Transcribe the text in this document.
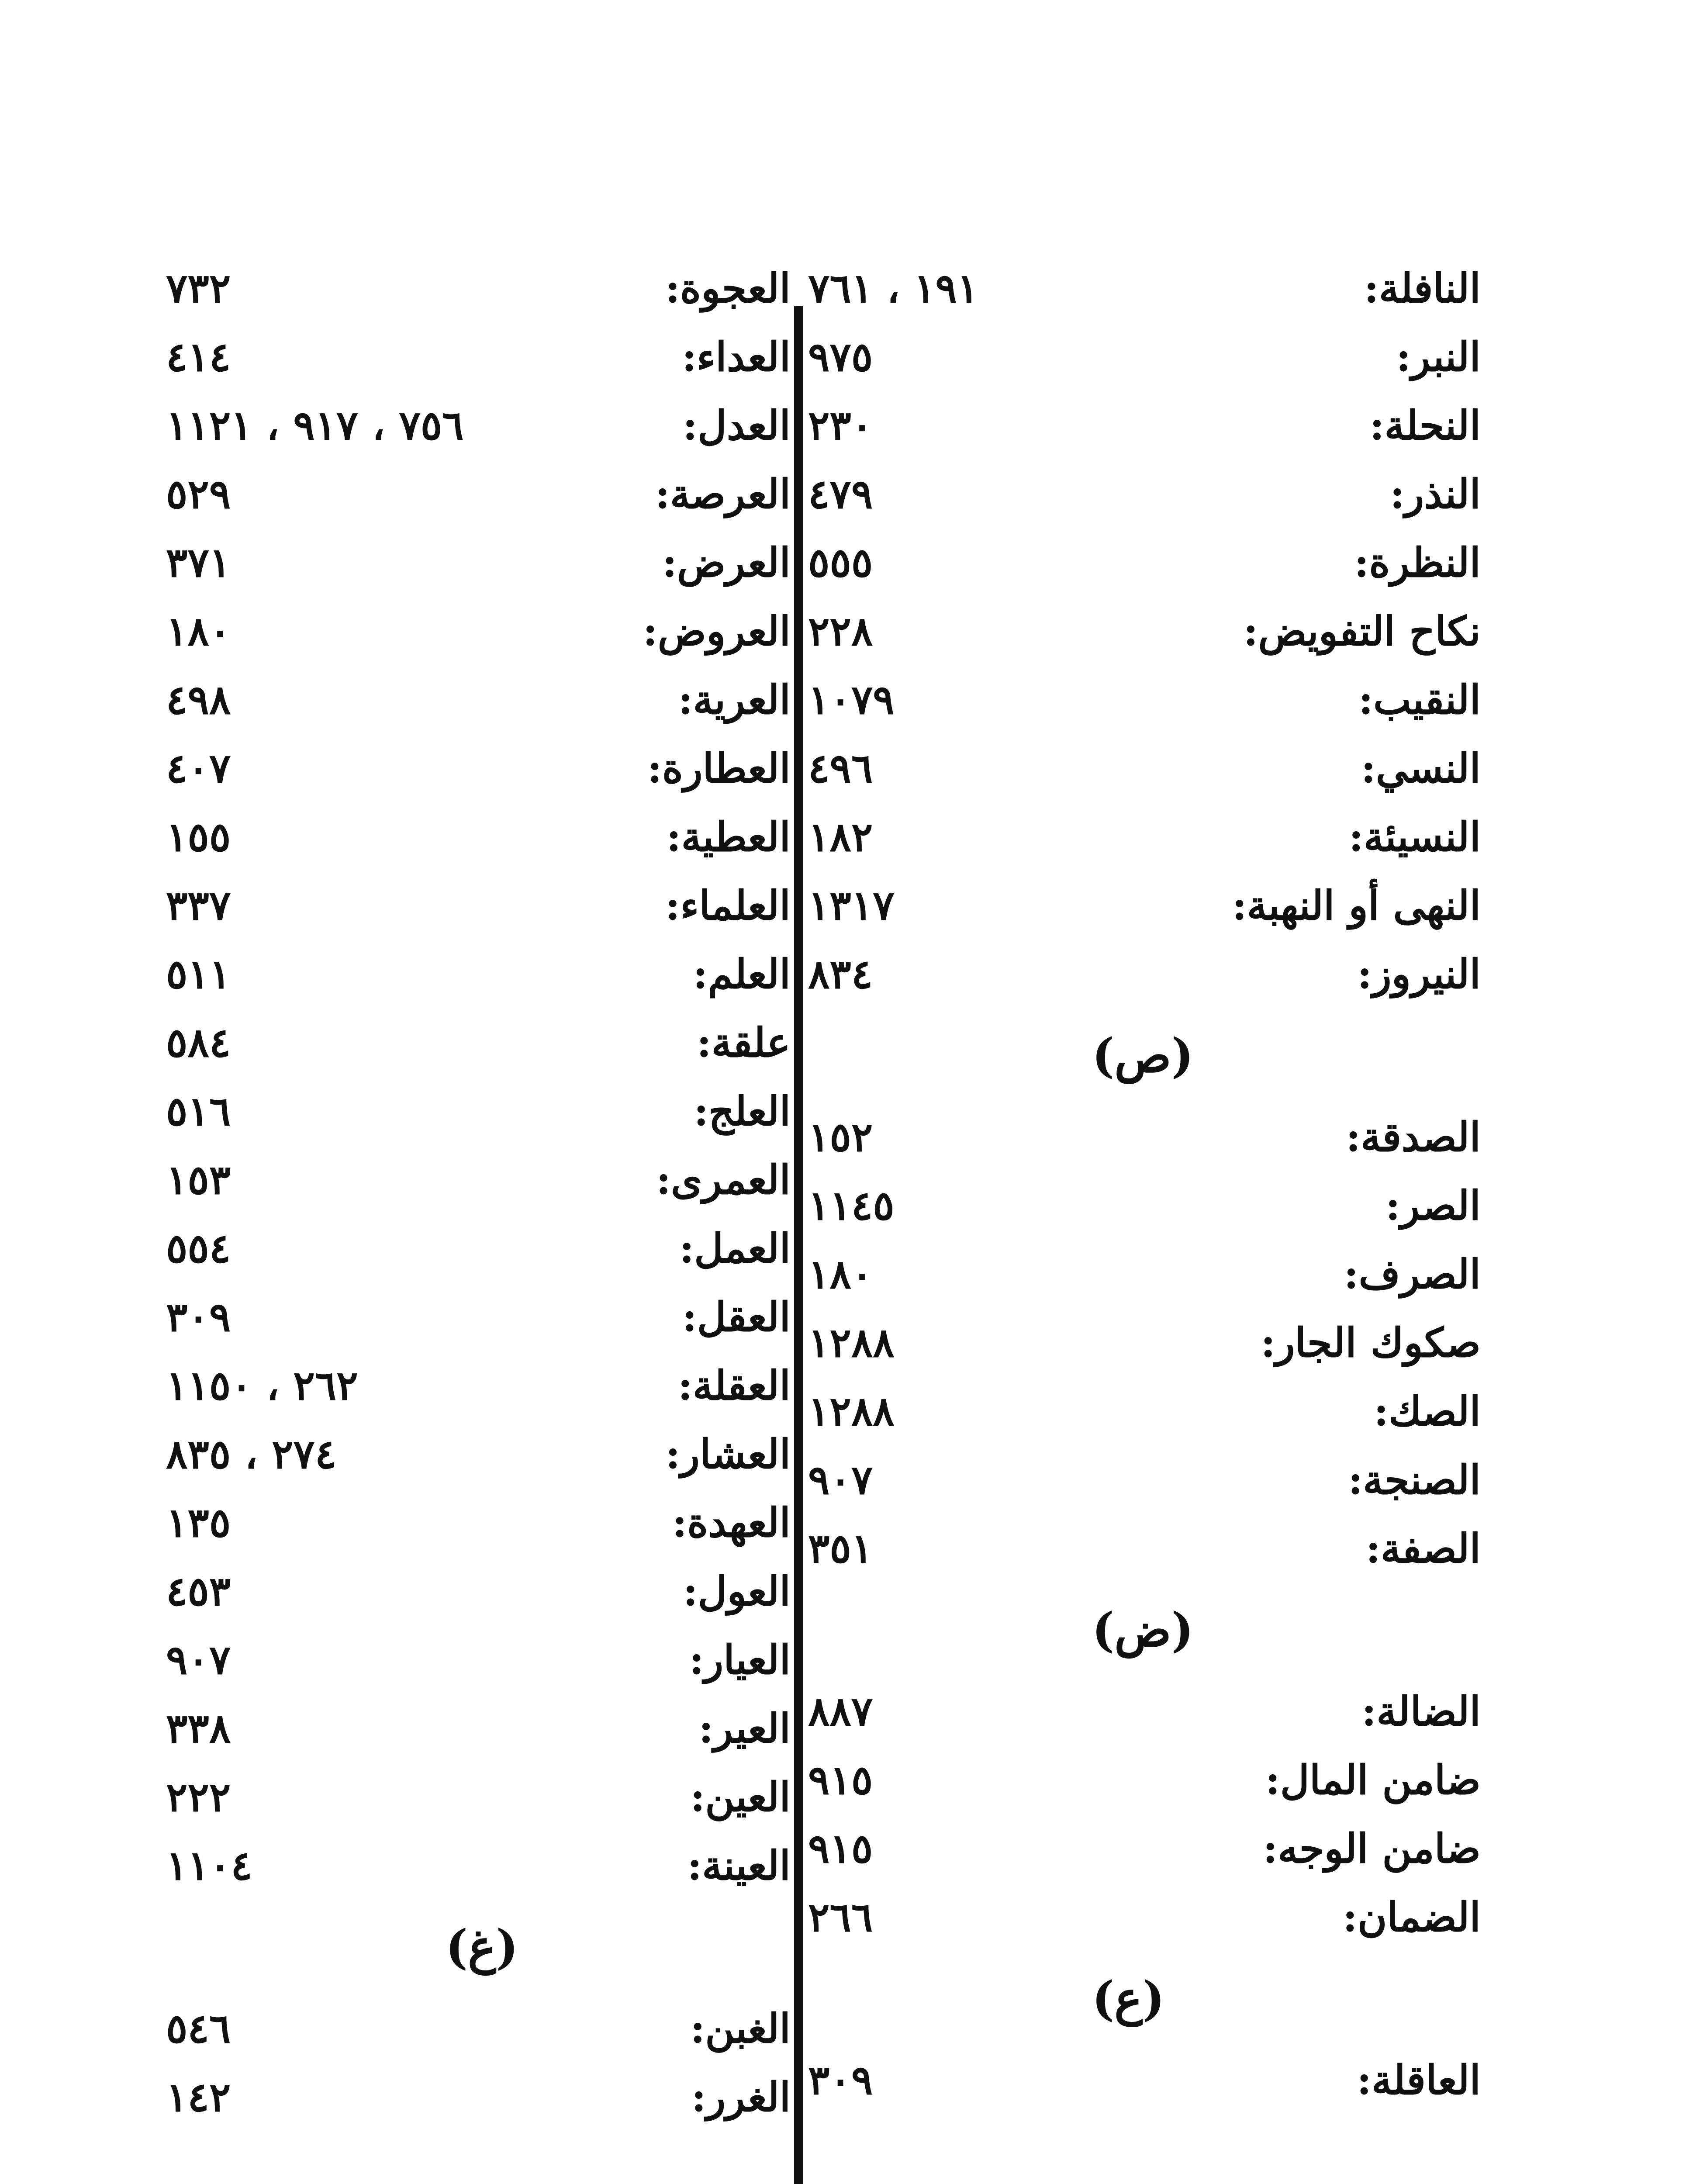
النافلة:
١٩١ ، ٧٦١
النبر:
٩٧٥
النحلة:
٢٣٠
النذر:
٤٧٩
النظرة:
٥٥٥
نكاح التفويض:
٢٢٨
النقيب:
١٠٧٩
النسي:
٤٩٦
النسيئة:
١٨٢
النهى أو النهبة:
١٣١٧
النيروز:
٨٣٤
(ص)
الصدقة:
١٥٢
الصر:
١١٤٥
الصرف:
١٨٠
صكوك الجار:
١٢٨٨
الصك:
١٢٨٨
الصنجة:
٩٠٧
الصفة:
٣٥١
(ض)
الضالة:
٨٨٧
ضامن المال:
٩١٥
ضامن الوجه:
٩١٥
الضمان:
٢٦٦
(ع)
العاقلة:
٣٠٩
العجوة:
٧٣٢
العداء:
٤١٤
العدل:
٧٥٦ ، ٩١٧ ، ١١٢١
العرصة:
٥٢٩
العرض:
٣٧١
العروض:
١٨٠
العرية:
٤٩٨
العطارة:
٤٠٧
العطية:
١٥٥
العلماء:
٣٣٧
العلم:
٥١١
علقة:
٥٨٤
العلج:
٥١٦
العمرى:
١٥٣
العمل:
٥٥٤
العقل:
٣٠٩
العقلة:
٢٦٢ ، ١١٥٠
العشار:
٢٧٤ ، ٨٣٥
العهدة:
١٣٥
العول:
٤٥٣
العيار:
٩٠٧
العير:
٣٣٨
العين:
٢٢٢
العينة:
١١٠٤
(غ)
الغبن:
٥٤٦
الغرر:
١٤٢
